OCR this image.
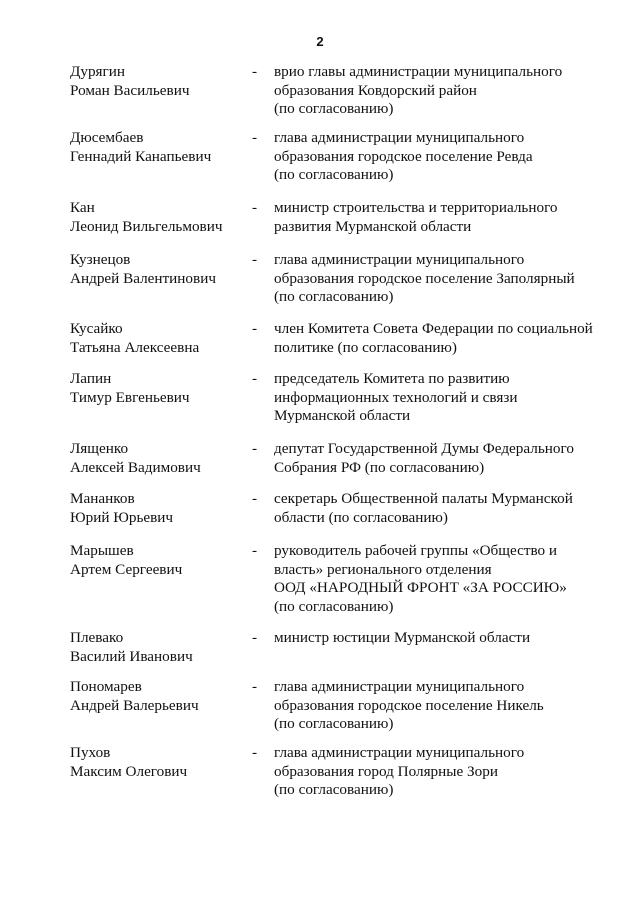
2
Дурягин
Роман Васильевич
- врио главы администрации муниципального
образования Ковдорский район
(по согласованию)
Дюсембаев
Геннадий Канапьевич
- глава администрации муниципального
образования городское поселение Ревда
(по согласованию)
Кан
Леонид Вильгельмович
- министр строительства и территориального
развития Мурманской области
Кузнецов
Андрей Валентинович
- глава администрации муниципального
образования городское поселение Заполярный
(по согласованию)
Кусайко
Татьяна Алексеевна
- член Комитета Совета Федерации по социальной
политике (по согласованию)
Лапин
Тимур Евгеньевич
- председатель Комитета по развитию
информационных технологий и связи
Мурманской области
Лященко
Алексей Вадимович
- депутат Государственной Думы Федерального
Собрания РФ (по согласованию)
Мананков
Юрий Юрьевич
- секретарь Общественной палаты Мурманской
области (по согласованию)
Марышев
Артем Сергеевич
- руководитель рабочей группы «Общество и
власть» регионального отделения
ООД «НАРОДНЫЙ ФРОНТ «ЗА РОССИЮ»
(по согласованию)
Плевако
Василий Иванович
- министр юстиции Мурманской области
Пономарев
Андрей Валерьевич
- глава администрации муниципального
образования городское поселение Никель
(по согласованию)
Пухов
Максим Олегович
- глава администрации муниципального
образования город Полярные Зори
(по согласованию)
